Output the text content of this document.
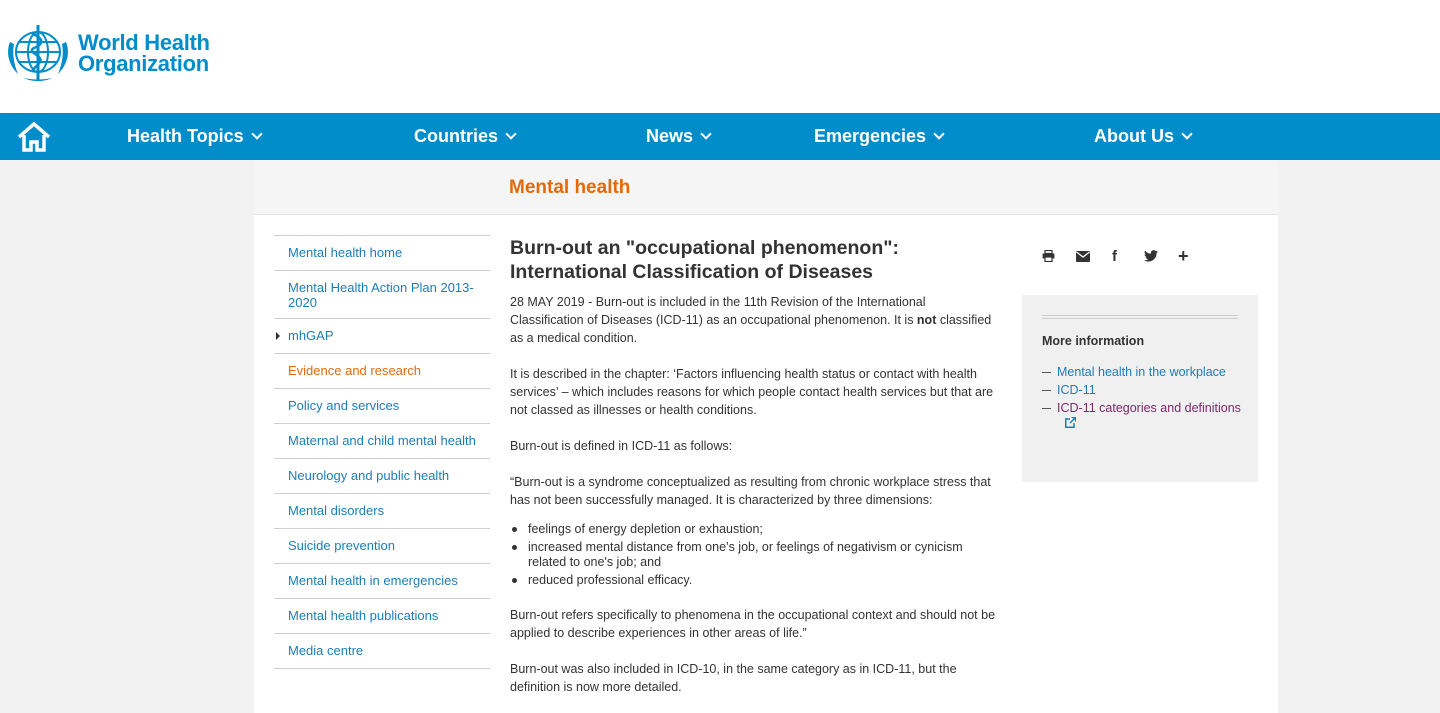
World Health
Organization
Health Topics	Countries	News	Emergencies	About Us
Mental health
Mental health home
Mental Health Action Plan 2013-2020
mhGAP
Evidence and research
Policy and services
Maternal and child mental health
Neurology and public health
Mental disorders
Suicide prevention
Mental health in emergencies
Mental health publications
Media centre
Burn-out an "occupational phenomenon": International Classification of Diseases

28 MAY 2019 - Burn-out is included in the 11th Revision of the International Classification of Diseases (ICD-11) as an occupational phenomenon. It is not classified as a medical condition.

It is described in the chapter: ‘Factors influencing health status or contact with health services’ – which includes reasons for which people contact health services but that are not classed as illnesses or health conditions.

Burn-out is defined in ICD-11 as follows:

“Burn-out is a syndrome conceptualized as resulting from chronic workplace stress that has not been successfully managed. It is characterized by three dimensions:

feelings of energy depletion or exhaustion;
increased mental distance from one’s job, or feelings of negativism or cynicism related to one's job; and
reduced professional efficacy.

Burn-out refers specifically to phenomena in the occupational context and should not be applied to describe experiences in other areas of life.”

Burn-out was also included in ICD-10, in the same category as in ICD-11, but the definition is now more detailed.

f	+
More information
Mental health in the workplace
ICD-11
ICD-11 categories and definitions
